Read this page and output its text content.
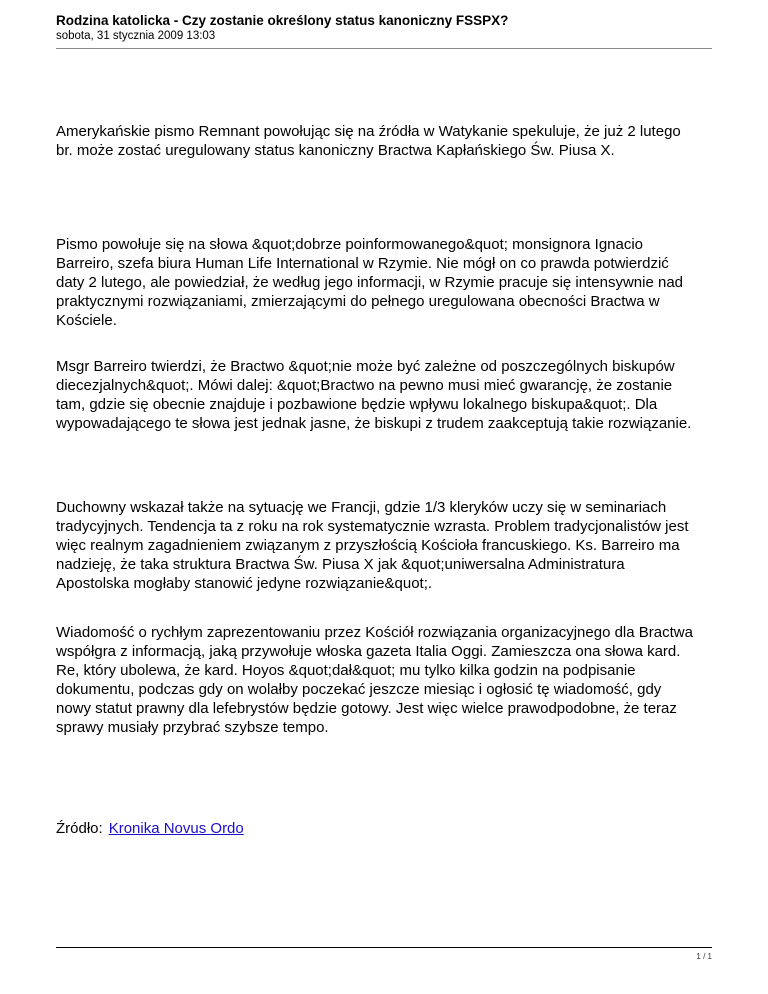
Rodzina katolicka - Czy zostanie określony status kanoniczny FSSPX?
sobota, 31 stycznia 2009 13:03

Amerykańskie pismo Remnant powołując się na źródła w Watykanie spekuluje, że już 2 lutego
br. może zostać uregulowany status kanoniczny Bractwa Kapłańskiego Św. Piusa X.

Pismo powołuje się na słowa &quot;dobrze poinformowanego&quot; monsignora Ignacio
Barreiro, szefa biura Human Life International w Rzymie. Nie mógł on co prawda potwierdzić
daty 2 lutego, ale powiedział, że według jego informacji, w Rzymie pracuje się intensywnie nad
praktycznymi rozwiązaniami, zmierzającymi do pełnego uregulowana obecności Bractwa w
Kościele.

Msgr Barreiro twierdzi, że Bractwo &quot;nie może być zależne od poszczególnych biskupów
diecezjalnych&quot;. Mówi dalej: &quot;Bractwo na pewno musi mieć gwarancję, że zostanie
tam, gdzie się obecnie znajduje i pozbawione będzie wpływu lokalnego biskupa&quot;. Dla
wypowadającego te słowa jest jednak jasne, że biskupi z trudem zaakceptują takie rozwiązanie.

Duchowny wskazał także na sytuację we Francji, gdzie 1/3 kleryków uczy się w seminariach
tradycyjnych. Tendencja ta z roku na rok systematycznie wzrasta. Problem tradycjonalistów jest
więc realnym zagadnieniem związanym z przyszłością Kościoła francuskiego. Ks. Barreiro ma
nadzieję, że taka struktura Bractwa Św. Piusa X jak &quot;uniwersalna Administratura
Apostolska mogłaby stanowić jedyne rozwiązanie&quot;.

Wiadomość o rychłym zaprezentowaniu przez Kościół rozwiązania organizacyjnego dla Bractwa
współgra z informacją, jaką przywołuje włoska gazeta Italia Oggi. Zamieszcza ona słowa kard.
Re, który ubolewa, że kard. Hoyos &quot;dał&quot; mu tylko kilka godzin na podpisanie
dokumentu, podczas gdy on wolałby poczekać jeszcze miesiąc i ogłosić tę wiadomość, gdy
nowy statut prawny dla lefebrystów będzie gotowy. Jest więc wielce prawodpodobne, że teraz
sprawy musiały przybrać szybsze tempo.

Źródło: Kronika Novus Ordo

1 / 1
